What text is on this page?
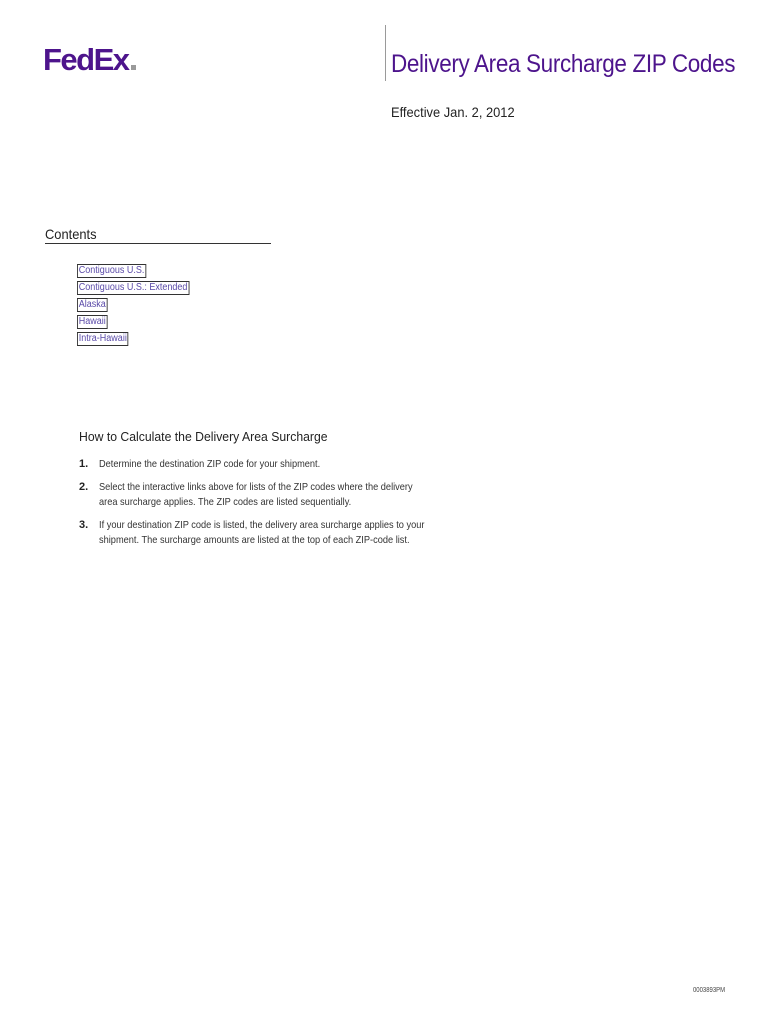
FedEx	Delivery Area Surcharge ZIP Codes
Effective Jan. 2, 2012
Contents
Contiguous U.S.
Contiguous U.S.: Extended
Alaska
Hawaii
Intra-Hawaii
How to Calculate the Delivery Area Surcharge
1. Determine the destination ZIP code for your shipment.
2. Select the interactive links above for lists of the ZIP codes where the delivery area surcharge applies. The ZIP codes are listed sequentially.
3. If your destination ZIP code is listed, the delivery area surcharge applies to your shipment. The surcharge amounts are listed at the top of each ZIP-code list.
0003893PM
